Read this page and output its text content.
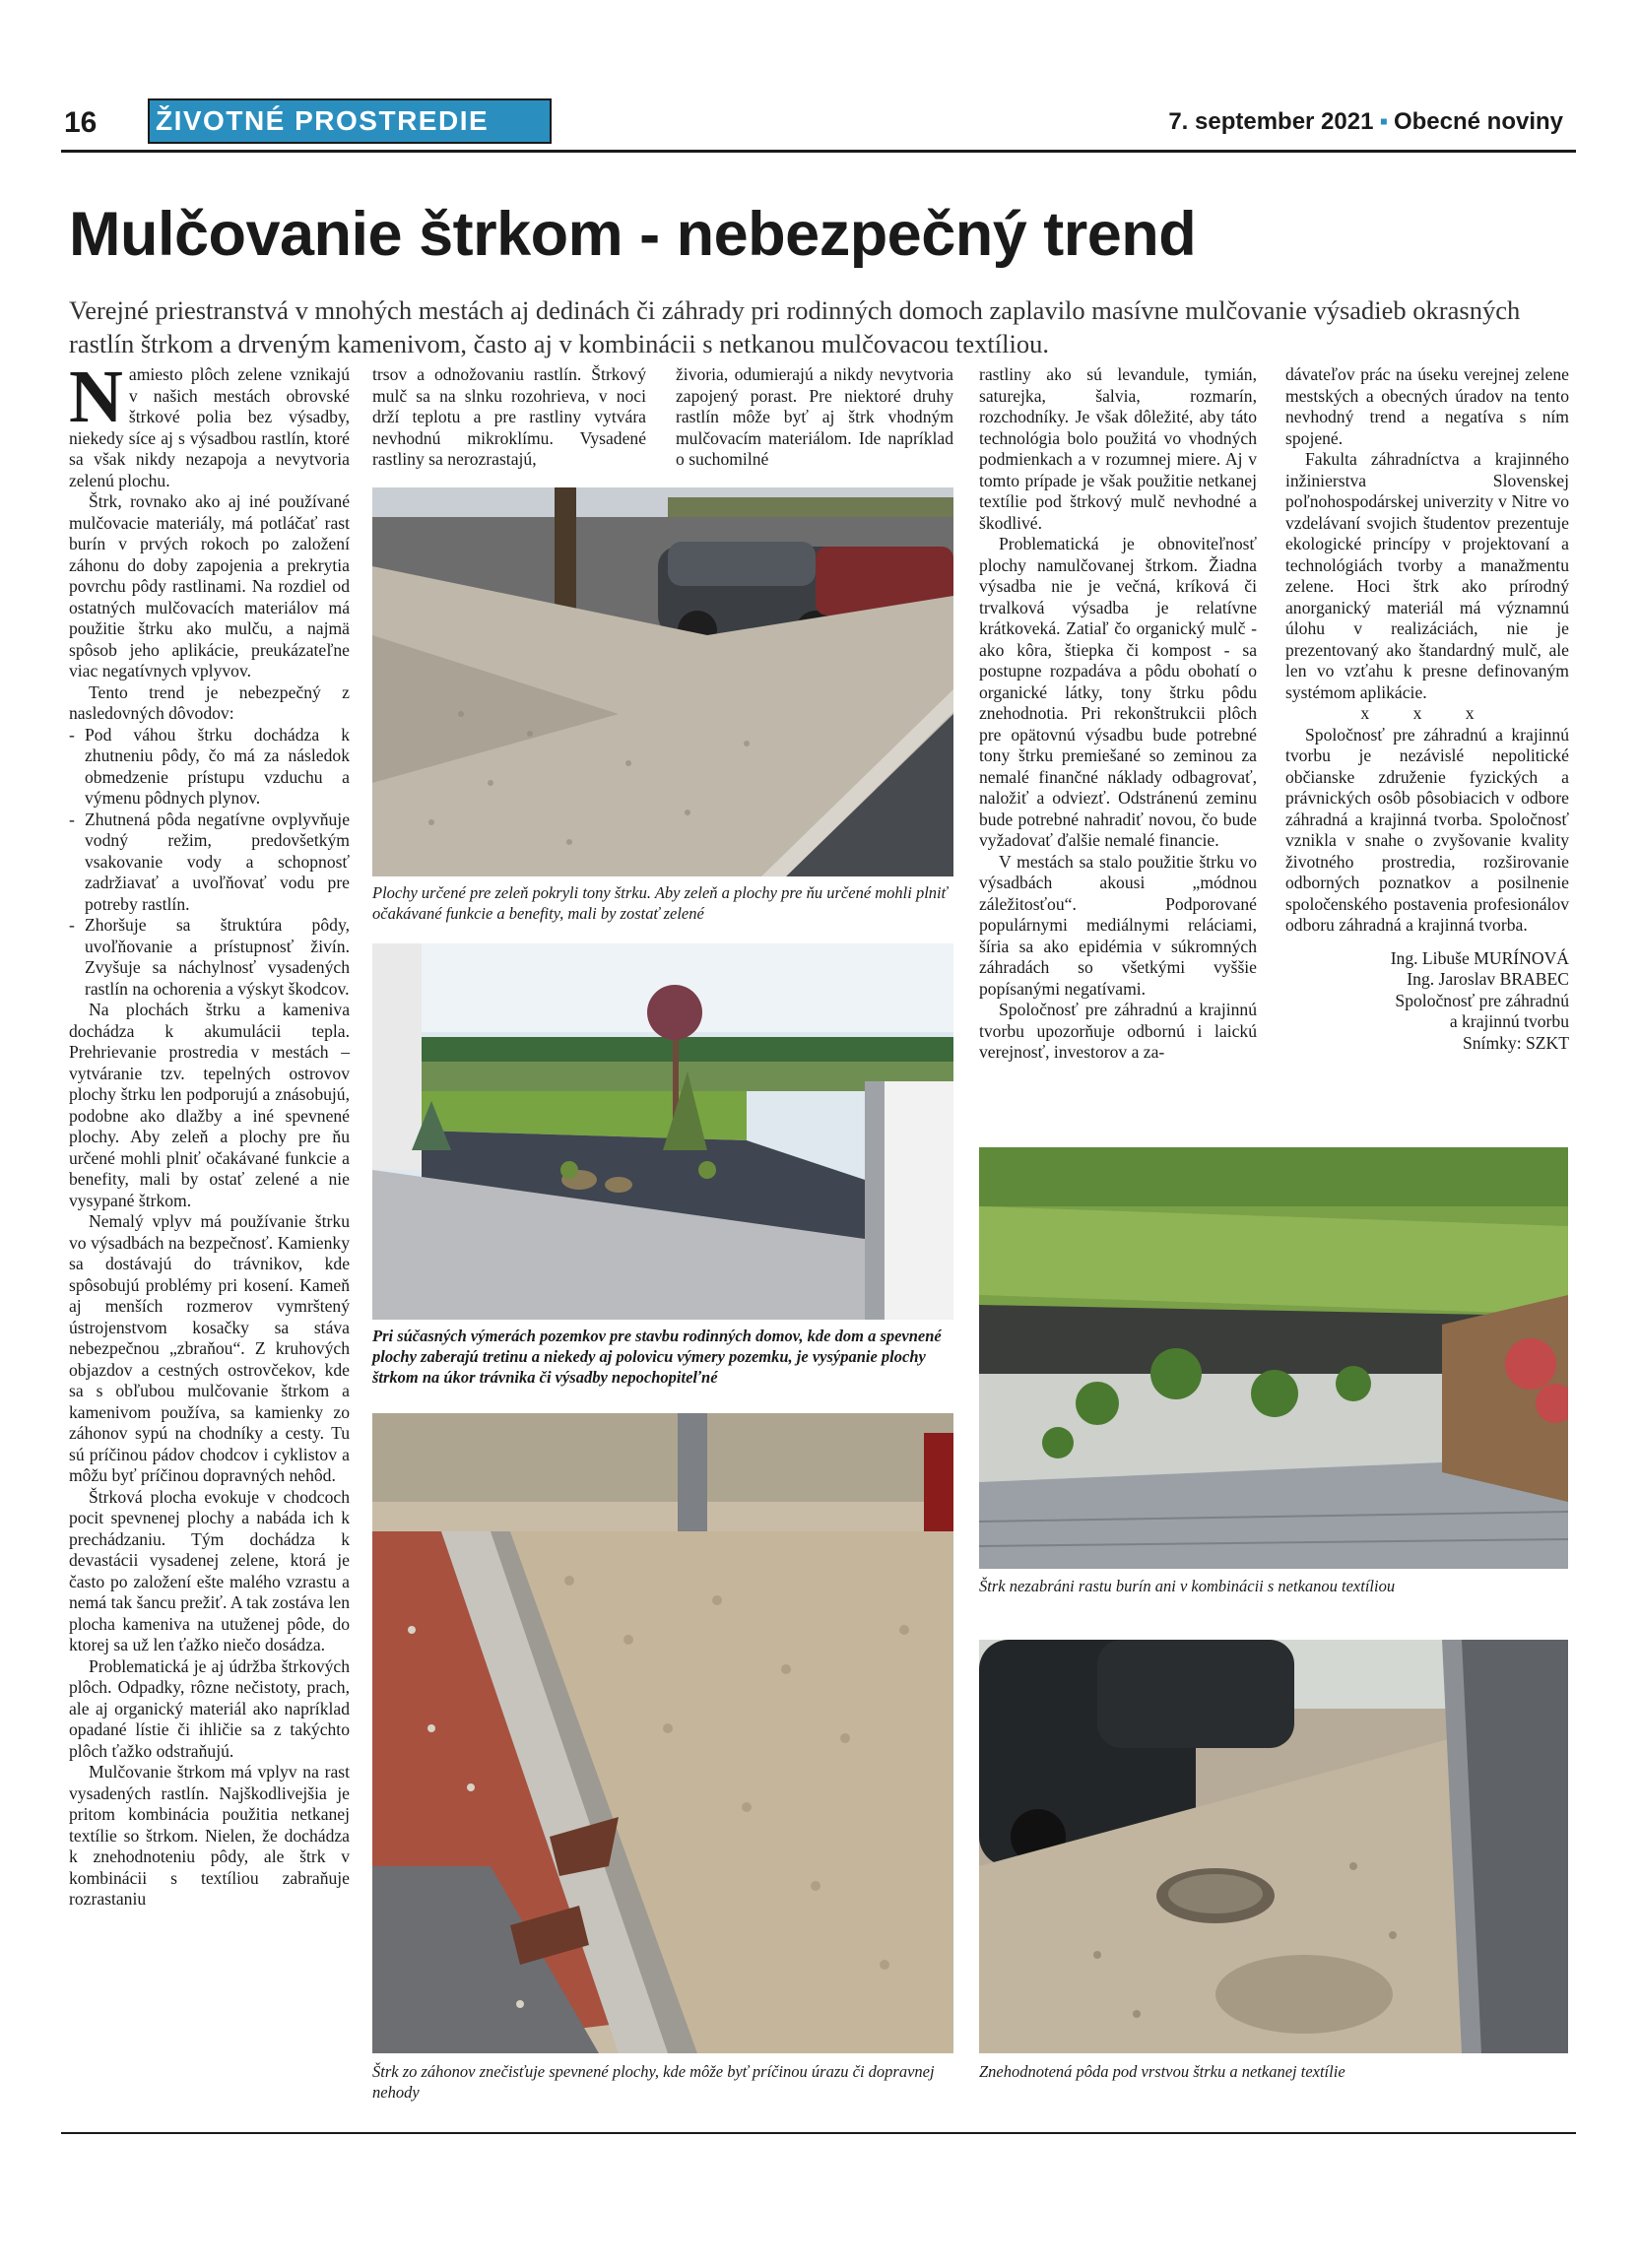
16 ŽIVOTNÉ PROSTREDIE	7. september 2021 ▪ Obecné noviny
Mulčovanie štrkom - nebezpečný trend
Verejné priestranstvá v mnohých mestách aj dedinách či záhrady pri rodinných domoch zaplavilo masívne mulčovanie výsadieb okrasných rastlín štrkom a drveným kamenivom, často aj v kombinácii s netkanou mulčovacou textíliou.

Namiesto plôch zelene vznikajú v našich mestách obrovské štrkové polia bez výsadby, niekedy síce aj s výsadbou rastlín, ktoré sa však nikdy nezapoja a nevytvoria zelenú plochu.

Štrk, rovnako ako aj iné používané mulčovacie materiály, má potláčať rast burín v prvých rokoch po založení záhonu do doby zapojenia a prekrytia povrchu pôdy rastlinami. Na rozdiel od ostatných mulčovacích materiálov má použitie štrku ako mulču, a najmä spôsob jeho aplikácie, preukázateľne viac negatívnych vplyvov.

Tento trend je nebezpečný z nasledovných dôvodov:

- Pod váhou štrku dochádza k zhutneniu pôdy, čo má za následok obmedzenie prístupu vzduchu a výmenu pôdnych plynov.

- Zhutnená pôda negatívne ovplyvňuje vodný režim, predovšetkým vsakovanie vody a schopnosť zadržiavať a uvoľňovať vodu pre potreby rastlín.

- Zhoršuje sa štruktúra pôdy, uvoľňovanie a prístupnosť živín. Zvyšuje sa náchylnosť vysadených rastlín na ochorenia a výskyt škodcov.

Na plochách štrku a kameniva dochádza k akumulácii tepla. Prehrievanie prostredia v mestách – vytváranie tzv. tepelných ostrovov plochy štrku len podporujú a znásobujú, podobne ako dlažby a iné spevnené plochy. Aby zeleň a plochy pre ňu určené mohli plniť očakávané funkcie a benefity, mali by ostať zelené a nie vysypané štrkom.

Nemalý vplyv má používanie štrku vo výsadbách na bezpečnosť. Kamienky sa dostávajú do trávnikov, kde spôsobujú problémy pri kosení. Kameň aj menších rozmerov vymrštený ústrojenstvom kosačky sa stáva nebezpečnou „zbraňou“. Z kruhových objazdov a cestných ostrovčekov, kde sa s obľubou mulčovanie štrkom a kamenivom používa, sa kamienky zo záhonov sypú na chodníky a cesty. Tu sú príčinou pádov chodcov i cyklistov a môžu byť príčinou dopravných nehôd.

Štrková plocha evokuje v chodcoch pocit spevnenej plochy a nabáda ich k prechádzaniu. Tým dochádza k devastácii vysadenej zelene, ktorá je často po založení ešte malého vzrastu a nemá tak šancu prežiť. A tak zostáva len plocha kameniva na utuženej pôde, do ktorej sa už len ťažko niečo dosádza.

Problematická je aj údržba štrkových plôch. Odpadky, rôzne nečistoty, prach, ale aj organický materiál ako napríklad opadané lístie či ihličie sa z takýchto plôch ťažko odstraňujú.

Mulčovanie štrkom má vplyv na rast vysadených rastlín. Najškodlivejšia je pritom kombinácia použitia netkanej textílie so štrkom. Nielen, že dochádza k znehodnoteniu pôdy, ale štrk v kombinácii s textíliou zabraňuje rozrastaniu

trsov a odnožovaniu rastlín. Štrkový mulč sa na slnku rozohrieva, v noci drží teplotu a pre rastliny vytvára nevhodnú mikroklímu. Vysadené rastliny sa nerozrastajú,

živoria, odumierajú a nikdy nevytvoria zapojený porast. Pre niektoré druhy rastlín môže byť aj štrk vhodným mulčovacím materiálom. Ide napríklad o suchomilné

Plochy určené pre zeleň pokryli tony štrku. Aby zeleň a plochy pre ňu určené mohli plniť očakávané funkcie a benefity, mali by zostať zelené
Pri súčasných výmerách pozemkov pre stavbu rodinných domov, kde dom a spevnené plochy zaberajú tretinu a niekedy aj polovicu výmery pozemku, je vysýpanie plochy štrkom na úkor trávnika či výsadby nepochopiteľné
Štrk zo záhonov znečisťuje spevnené plochy, kde môže byť príčinou úrazu či dopravnej nehody

rastliny ako sú levandule, tymián, saturejka, šalvia, rozmarín, rozchodníky. Je však dôležité, aby táto technológia bolo použitá vo vhodných podmienkach a v rozumnej miere. Aj v tomto prípade je však použitie netkanej textílie pod štrkový mulč nevhodné a škodlivé.

Problematická je obnoviteľnosť plochy namulčovanej štrkom. Žiadna výsadba nie je večná, kríková či trvalková výsadba je relatívne krátkoveká. Zatiaľ čo organický mulč - ako kôra, štiepka či kompost - sa postupne rozpadáva a pôdu obohatí o organické látky, tony štrku pôdu znehodnotia. Pri rekonštrukcii plôch pre opätovnú výsadbu bude potrebné tony štrku premiešané so zeminou za nemalé finančné náklady odbagrovať, naložiť a odviezť. Odstránenú zeminu bude potrebné nahradiť novou, čo bude vyžadovať ďalšie nemalé financie.

V mestách sa stalo použitie štrku vo výsadbách akousi „módnou záležitosťou“. Podporované populárnymi mediálnymi reláciami, šíria sa ako epidémia v súkromných záhradách so všetkými vyššie popísanými negatívami.

Spoločnosť pre záhradnú a krajinnú tvorbu upozorňuje odbornú i laickú verejnosť, investorov a za-

dávateľov prác na úseku verejnej zelene mestských a obecných úradov na tento nevhodný trend a negatíva s ním spojené.

Fakulta záhradníctva a krajinného inžinierstva Slovenskej poľnohospodárskej univerzity v Nitre vo vzdelávaní svojich študentov prezentuje ekologické princípy v projektovaní a technológiách tvorby a manažmentu zelene. Hoci štrk ako prírodný anorganický materiál má významnú úlohu v realizáciách, nie je prezentovaný ako štandardný mulč, ale len vo vzťahu k presne definovaným systémom aplikácie.

x x x

Spoločnosť pre záhradnú a krajinnú tvorbu je nezávislé nepolitické občianske združenie fyzických a právnických osôb pôsobiacich v odbore záhradná a krajinná tvorba. Spoločnosť vznikla v snahe o zvyšovanie kvality životného prostredia, rozširovanie odborných poznatkov a posilnenie spoločenského postavenia profesionálov odboru záhradná a krajinná tvorba.

Ing. Libuše MURÍNOVÁ
Ing. Jaroslav BRABEC
Spoločnosť pre záhradnú
a krajinnú tvorbu
Snímky: SZKT
Štrk nezabráni rastu burín ani v kombinácii s netkanou textíliou
Znehodnotená pôda pod vrstvou štrku a netkanej textílie
